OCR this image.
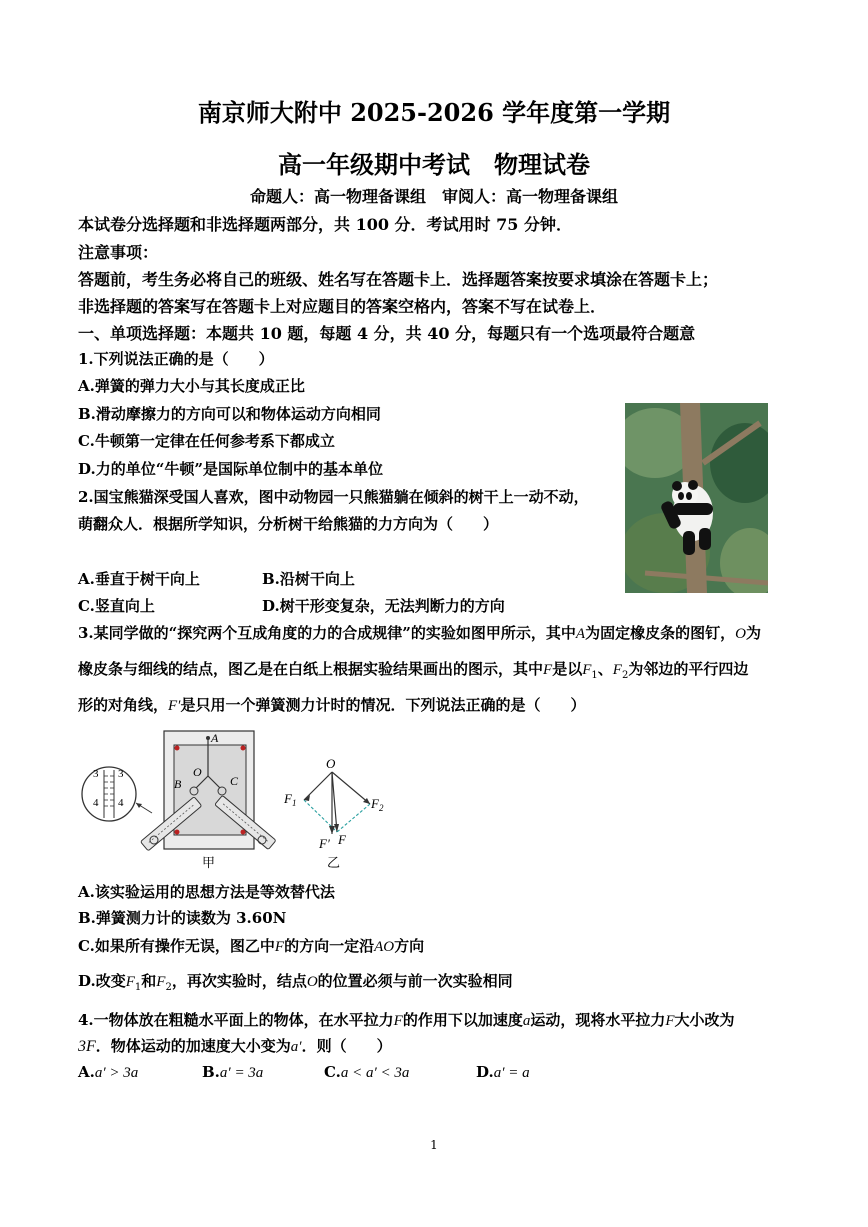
南京师大附中 2025-2026 学年度第一学期
高一年级期中考试　物理试卷
命题人：高一物理备课组　审阅人：高一物理备课组
本试卷分选择题和非选择题两部分，共 100 分．考试用时 75 分钟．
注意事项：
答题前，考生务必将自己的班级、姓名写在答题卡上．选择题答案按要求填涂在答题卡上；
非选择题的答案写在答题卡上对应题目的答案空格内，答案不写在试卷上．
一、单项选择题：本题共 10 题，每题 4 分，共 40 分，每题只有一个选项最符合题意
1.下列说法正确的是（　　）
A.弹簧的弹力大小与其长度成正比
B.滑动摩擦力的方向可以和物体运动方向相同
C.牛顿第一定律在任何参考系下都成立
D.力的单位“牛顿”是国际单位制中的基本单位
2.国宝熊猫深受国人喜欢，图中动物园一只熊猫躺在倾斜的树干上一动不动，
萌翻众人．根据所学知识，分析树干给熊猫的力方向为（　　）
A.垂直于树干向上	B.沿树干向上
C.竖直向上	D.树干形变复杂，无法判断力的方向
3.某同学做的“探究两个互成角度的力的合成规律”的实验如图甲所示，其中A为固定橡皮条的图钉，O为
橡皮条与细线的结点，图乙是在白纸上根据实验结果画出的图示，其中F是以$F_1$、$F_2$为邻边的平行四边
形的对角线，F′是只用一个弹簧测力计时的情况．下列说法正确的是（　　）
A
O
B	C
3 3
4 4
甲
O
$F_1$	$F_2$
F′ F
乙
A.该实验运用的思想方法是等效替代法
B.弹簧测力计的读数为 3.60N
C.如果所有操作无误，图乙中F的方向一定沿AO方向
D.改变$F_1$和$F_2$，再次实验时，结点O的位置必须与前一次实验相同
4.一物体放在粗糙水平面上的物体，在水平拉力F的作用下以加速度a运动，现将水平拉力F大小改为
3F．物体运动的加速度大小变为a′．则（　　）
A.a′ > 3a	B.a′ = 3a	C.a < a′ < 3a	D.a′ = a
1
